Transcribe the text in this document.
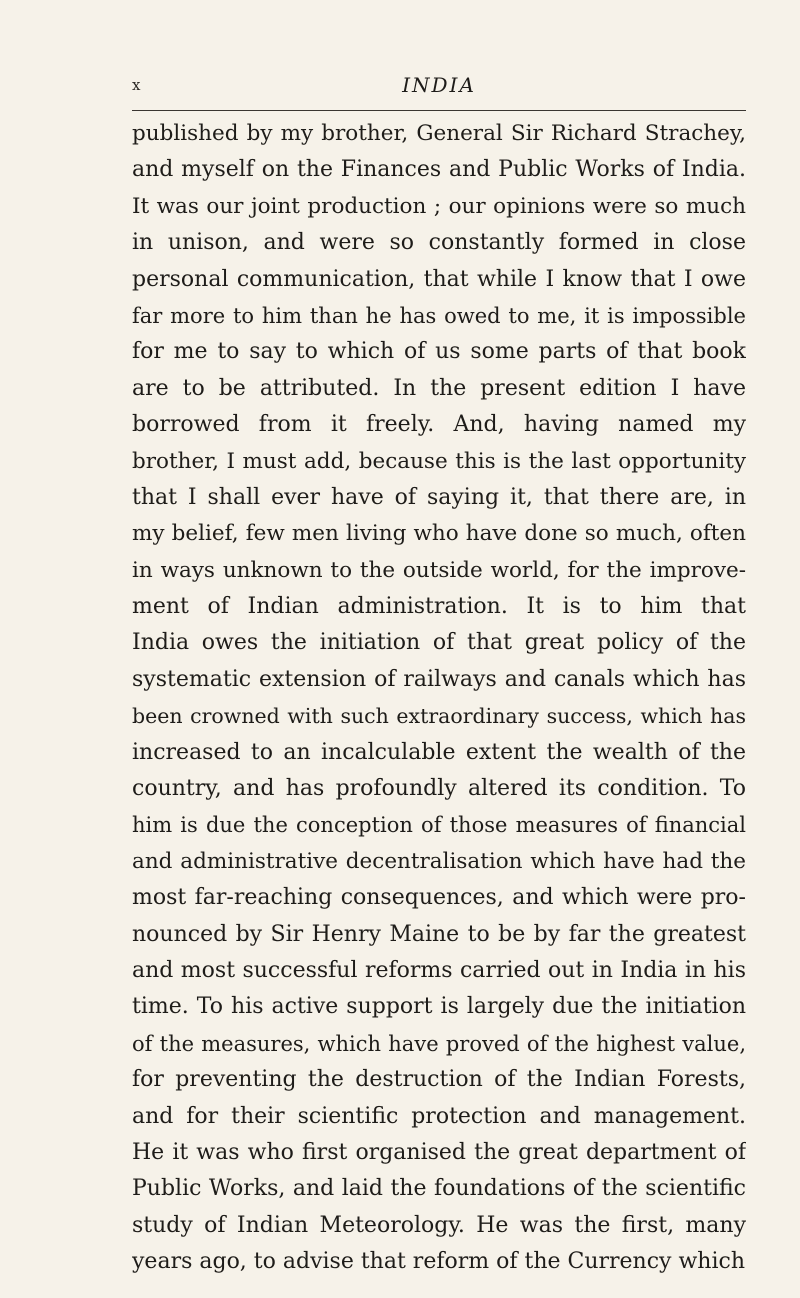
x	INDIA
published by my brother, General Sir Richard Strachey,
and myself on the Finances and Public Works of India.
It was our joint production ; our opinions were so much
in unison, and were so constantly formed in close
personal communication, that while I know that I owe
far more to him than he has owed to me, it is impossible
for me to say to which of us some parts of that book
are to be attributed. In the present edition I have
borrowed from it freely. And, having named my
brother, I must add, because this is the last opportunity
that I shall ever have of saying it, that there are, in
my belief, few men living who have done so much, often
in ways unknown to the outside world, for the improve-
ment of Indian administration. It is to him that
India owes the initiation of that great policy of the
systematic extension of railways and canals which has
been crowned with such extraordinary success, which has
increased to an incalculable extent the wealth of the
country, and has profoundly altered its condition. To
him is due the conception of those measures of financial
and administrative decentralisation which have had the
most far-reaching consequences, and which were pro-
nounced by Sir Henry Maine to be by far the greatest
and most successful reforms carried out in India in his
time. To his active support is largely due the initiation
of the measures, which have proved of the highest value,
for preventing the destruction of the Indian Forests,
and for their scientific protection and management.
He it was who first organised the great department of
Public Works, and laid the foundations of the scientific
study of Indian Meteorology. He was the first, many
years ago, to advise that reform of the Currency which
